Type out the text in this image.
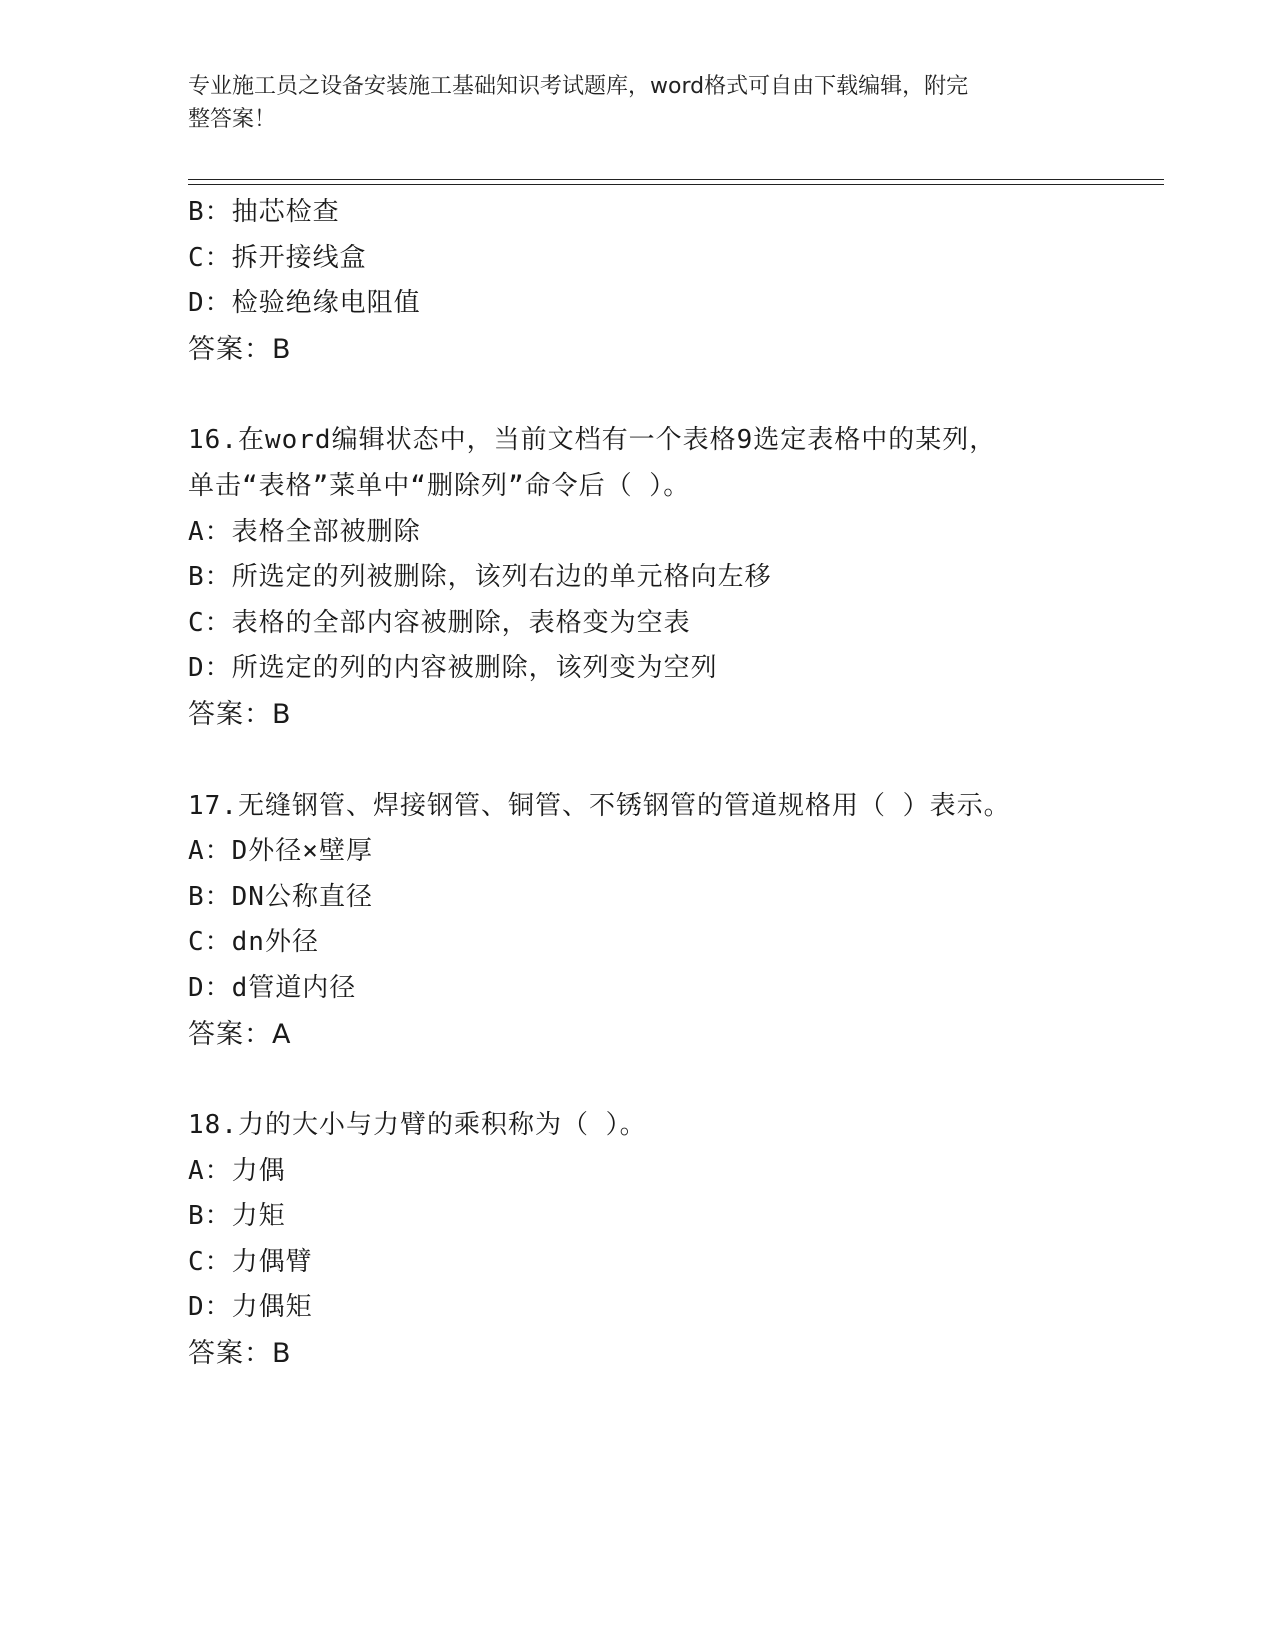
专业施工员之设备安装施工基础知识考试题库，word格式可自由下载编辑，附完
整答案！
B：抽芯检查
C：拆开接线盒
D：检验绝缘电阻值
答案：B
16.在word编辑状态中，当前文档有一个表格9选定表格中的某列，
单击“表格”菜单中“删除列”命令后（ ）。
A：表格全部被删除
B：所选定的列被删除，该列右边的单元格向左移
C：表格的全部内容被删除，表格变为空表
D：所选定的列的内容被删除，该列变为空列
答案：B
17.无缝钢管、焊接钢管、铜管、不锈钢管的管道规格用（ ）表示。
A：D外径×壁厚
B：DN公称直径
C：dn外径
D：d管道内径
答案：A
18.力的大小与力臂的乘积称为（ ）。
A：力偶
B：力矩
C：力偶臂
D：力偶矩
答案：B
